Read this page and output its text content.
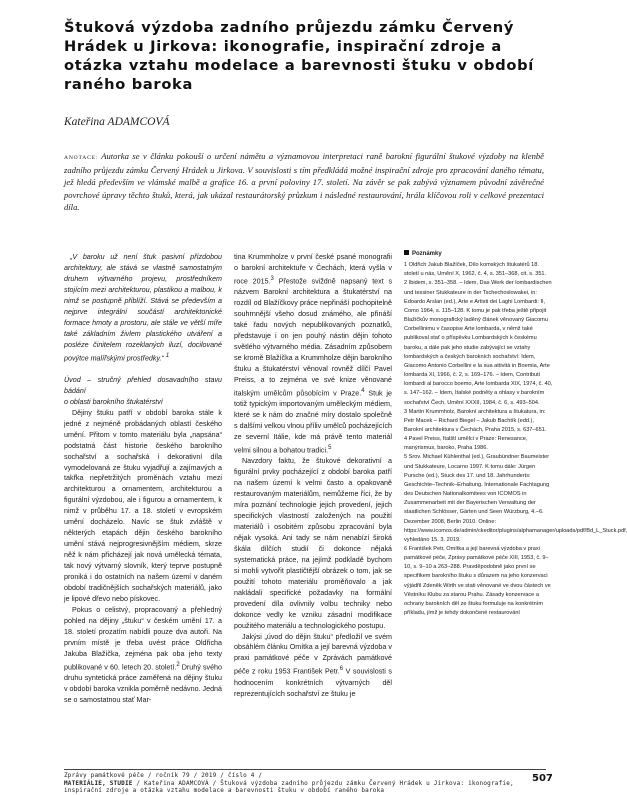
Štuková výzdoba zadního průjezdu zámku Červený Hrádek u Jirkova: ikonografie, inspirační zdroje a otázka vztahu modelace a barevnosti štuku v období raného baroka
Kateřina ADAMCOVÁ

ANOTACE: Autorka se v článku pokouší o určení námětu a významovou interpretaci raně barokní figurální štukové výzdoby na klenbě zadního průjezdu zámku Červený Hrádek u Jirkova. V souvislosti s tím předkládá možné inspirační zdroje pro zpracování daného tématu, jež hledá především ve vlámské malbě a grafice 16. a první poloviny 17. století. Na závěr se pak zabývá významem původní závěrečné povrchové úpravy těchto štuků, která, jak ukázal restaurátorský průzkum i následné restaurování, hrála klíčovou roli v celkové prezentaci díla.

„V baroku už není štuk pasivní přízdobou architektury, ale stává se vlastně samostatným druhem výtvarného projevu, prostředníkem stojícím mezi architekturou, plastikou a malbou, k nimž se postupně přiblíží. Stává se především a nejprve integrální součástí architektonické formace hmoty a prostoru, ale stále ve větší míře také základním živlem plastického utváření a posléze činitelem rozeklaných iluzí, docilované povýtce malířskými prostředky.“ $^1$

Úvod – stručný přehled dosavadního stavu bádání
o oblasti barokního štukatérství

Dějiny štuku patří v období baroka stále k jedné z nejméně probádaných oblastí českého umění. Přitom v tomto materiálu byla „napsána“ podstatná část historie českého barokního sochařství a sochařská i dekorativní díla vymodelovaná ze štuku vyjadřují a zajímavých a takřka nepřetržitých proměnách vztahu mezi architekturou a ornamentem, architekturou a figurální výzdobou, ale i figurou a ornamentem, k nimž v průběhu 17. a 18. století v evropském umění docházelo. Navíc se štuk zvláště v některých etapách dějin českého barokního umění stává nejprogresivnějším médiem, skrze něž k nám přicházejí jak nová umělecká témata, tak nový výtvarný slovník, který teprve postupně proniká i do ostatních na našem území v daném období tradičnějších sochařských materiálů, jako je lipové dřevo nebo pískovec.

Pokus o celistvý, propracovaný a přehledný pohled na dějiny „štuku“ v českém umění 17. a 18. století prozatím nabídli pouze dva autoři. Na prvním místě je třeba uvést práce Oldřicha Jakuba Blažíčka, zejména pak oba jeho texty publikované v 60. letech 20. století.$^2$ Druhý svého druhu syntetická práce zaměřená na dějiny štuku v období baroka vznikla poměrně nedávno. Jedná se o samostatnou stať Mar-

tina Krummholze v první české psané monografii o barokní architektuře v Čechách, která vyšla v roce 2015.$^3$ Přestože sviždně napsaný text s názvem Barokní architektura a štukatérství na rozdíl od Blažíčkovy práce nepřináší pochopitelně souhrnnější všeho dosud známého, ale přináší také řadu nových nepublikovaných poznatků, představuje i on jen pouhý nástin dějin tohoto světlého výtvarného média. Zásadním způsobem se kromě Blažíčka a Krummholze dějin barokního štuku a štukatérství věnoval rovněž dílčí Pavel Preiss, a to zejména ve své knize věnované italským umělcům působícím v Praze.$^4$ Stuk je totiž typickým importovaným uměleckým médiem, které se k nám do značné míry dostalo společně s dalšími velkou vlnou příliv umělců pocházejících ze severní Itálie, kde má právě tento materiál velmi silnou a bohatou tradici.$^5$

Navzdory faktu, že štukové dekorativní a figurální prvky pocházející z období baroka patří na našem území k velmi často a opakovaně restaurovaným materiálům, nemůžeme říci, že by míra poznání technologie jejich provedení, jejich specifických vlastností založených na použití materiálů i osobitém způsobu zpracování byla nějak vysoká. Ani tady se nám nenabízí široká škála dílčích studií či dokonce nějaká systematická práce, na jejímž podkladě bychom si mohli vytvořit plastičtější obrázek o tom, jak se použití tohoto materiálu proměňovalo a jak nakládali specifické požadavky na formální provedení díla ovlivnily volbu techniky nebo dokonce vedly ke vzniku zásadní modifikace použitého materiálu a technologického postupu.

Jakýsi „úvod do dějin štuku“ předložil ve svém obsáhlém článku Omítka a její barevná výzdoba v praxi památkové péče v Zprávách památkové péče z roku 1953 František Petr.$^6$ V souvislosti s hodnocením konkrétních výtvarných děl reprezentujících sochařství ze štuku je

Poznámky

1 Oldřich Jakub Blažíček, Dílo komských štukatérů 18. století u nás, Umění X, 1962, č. 4, s. 351–368, cit. s. 351.

2 Ibidem, s. 351–358. – Idem, Das Werk der lombardischen und tessiner Stukkateure in der Tschechoslowakei, in: Edoardo Arslan (ed.), Arte e Artisti dei Laghi Lombardi: II, Como 1964, s. 115–128. K tomu je pak třeba ještě připojit Blažíčkův monografický laděný článek věnovaný Giacomu Corbellinimu v časopise Arte lombarda, v němž také publikoval stať o příspěvku Lombardských k českému baroku, a dále pak jeho studie zabývající se vztahy lombardských a českých barokních sochařství: Idem, Giacomo Antonio Corbellini e la sua attività in Boemia, Arte lombarda XI, 1966, č. 2, s. 169–176. – Idem, Contributi lombardi al barocco boemo, Arte lombarda XIX, 1974, č. 40, s. 147–162. – Idem, Italské podněty a ohlasy v barokním sochařství Čech, Umění XXXII, 1984, č. 6, s. 493–504.

3 Martin Krummholz, Barokní architektura a štukatura, in: Petr Macek – Richard Biegel – Jakub Bachtík (edd.), Barokní architektura v Čechách, Praha 2015, s. 637–651.

4 Pavel Preiss, Italští umělci v Praze: Renesance, manýrismus, baroko, Praha 1986.

5 Srov. Michael Kühlenthal (ed.), Graubündner Baumeister und Stukkateure, Locarno 1997. K tomu dále: Jürgen Pursche (ed.), Stuck des 17. und 18. Jahrhunderts: Geschichte–Technik–Erhaltung. Internationale Fachtagung des Deutschen Nationalkomitees von ICOMOS in Zusammenarbeit mit der Bayerischen Verwaltung der staatlichen Schlösser, Gärten und Seen Würzburg, 4.–6. Dezember 2008, Berlin 2010. Online: https://www.icomos.de/admin/ckeditor/plugins/alphamanager/uploads/pdf/Bd_L_Stuck.pdf, vyhledáno 15. 3. 2019.

6 František Petr, Omítka a její barevná výzdoba v praxi památkové péče, Zprávy památkové péče XIII, 1953, č. 9–10, s. 9–10 a 263–288. Pravděpodobně jako první se specifikem barokního štuku s důrazem na jeho konzervaci výjádřil Zdeněk Wirth ve stati věnované ve dvou částech ve Věstníku Klubu za starou Prahu. Zásady konzervace a ochrany barokních děl ze štuku formuluje na konkrétním příkladu, jímž je tehdy dokončené restaurování

Zprávy památkové péče / ročník 79 / 2019 / číslo 4 /
MATERIÁLIE, STUDIE / Kateřina ADAMCOVÁ / Štuková výzdoba zadního průjezdu zámku Červený Hrádek u Jirkova: ikonografie, inspirační zdroje a otázka vztahu modelace a barevnosti štuku v období raného baroka
507
